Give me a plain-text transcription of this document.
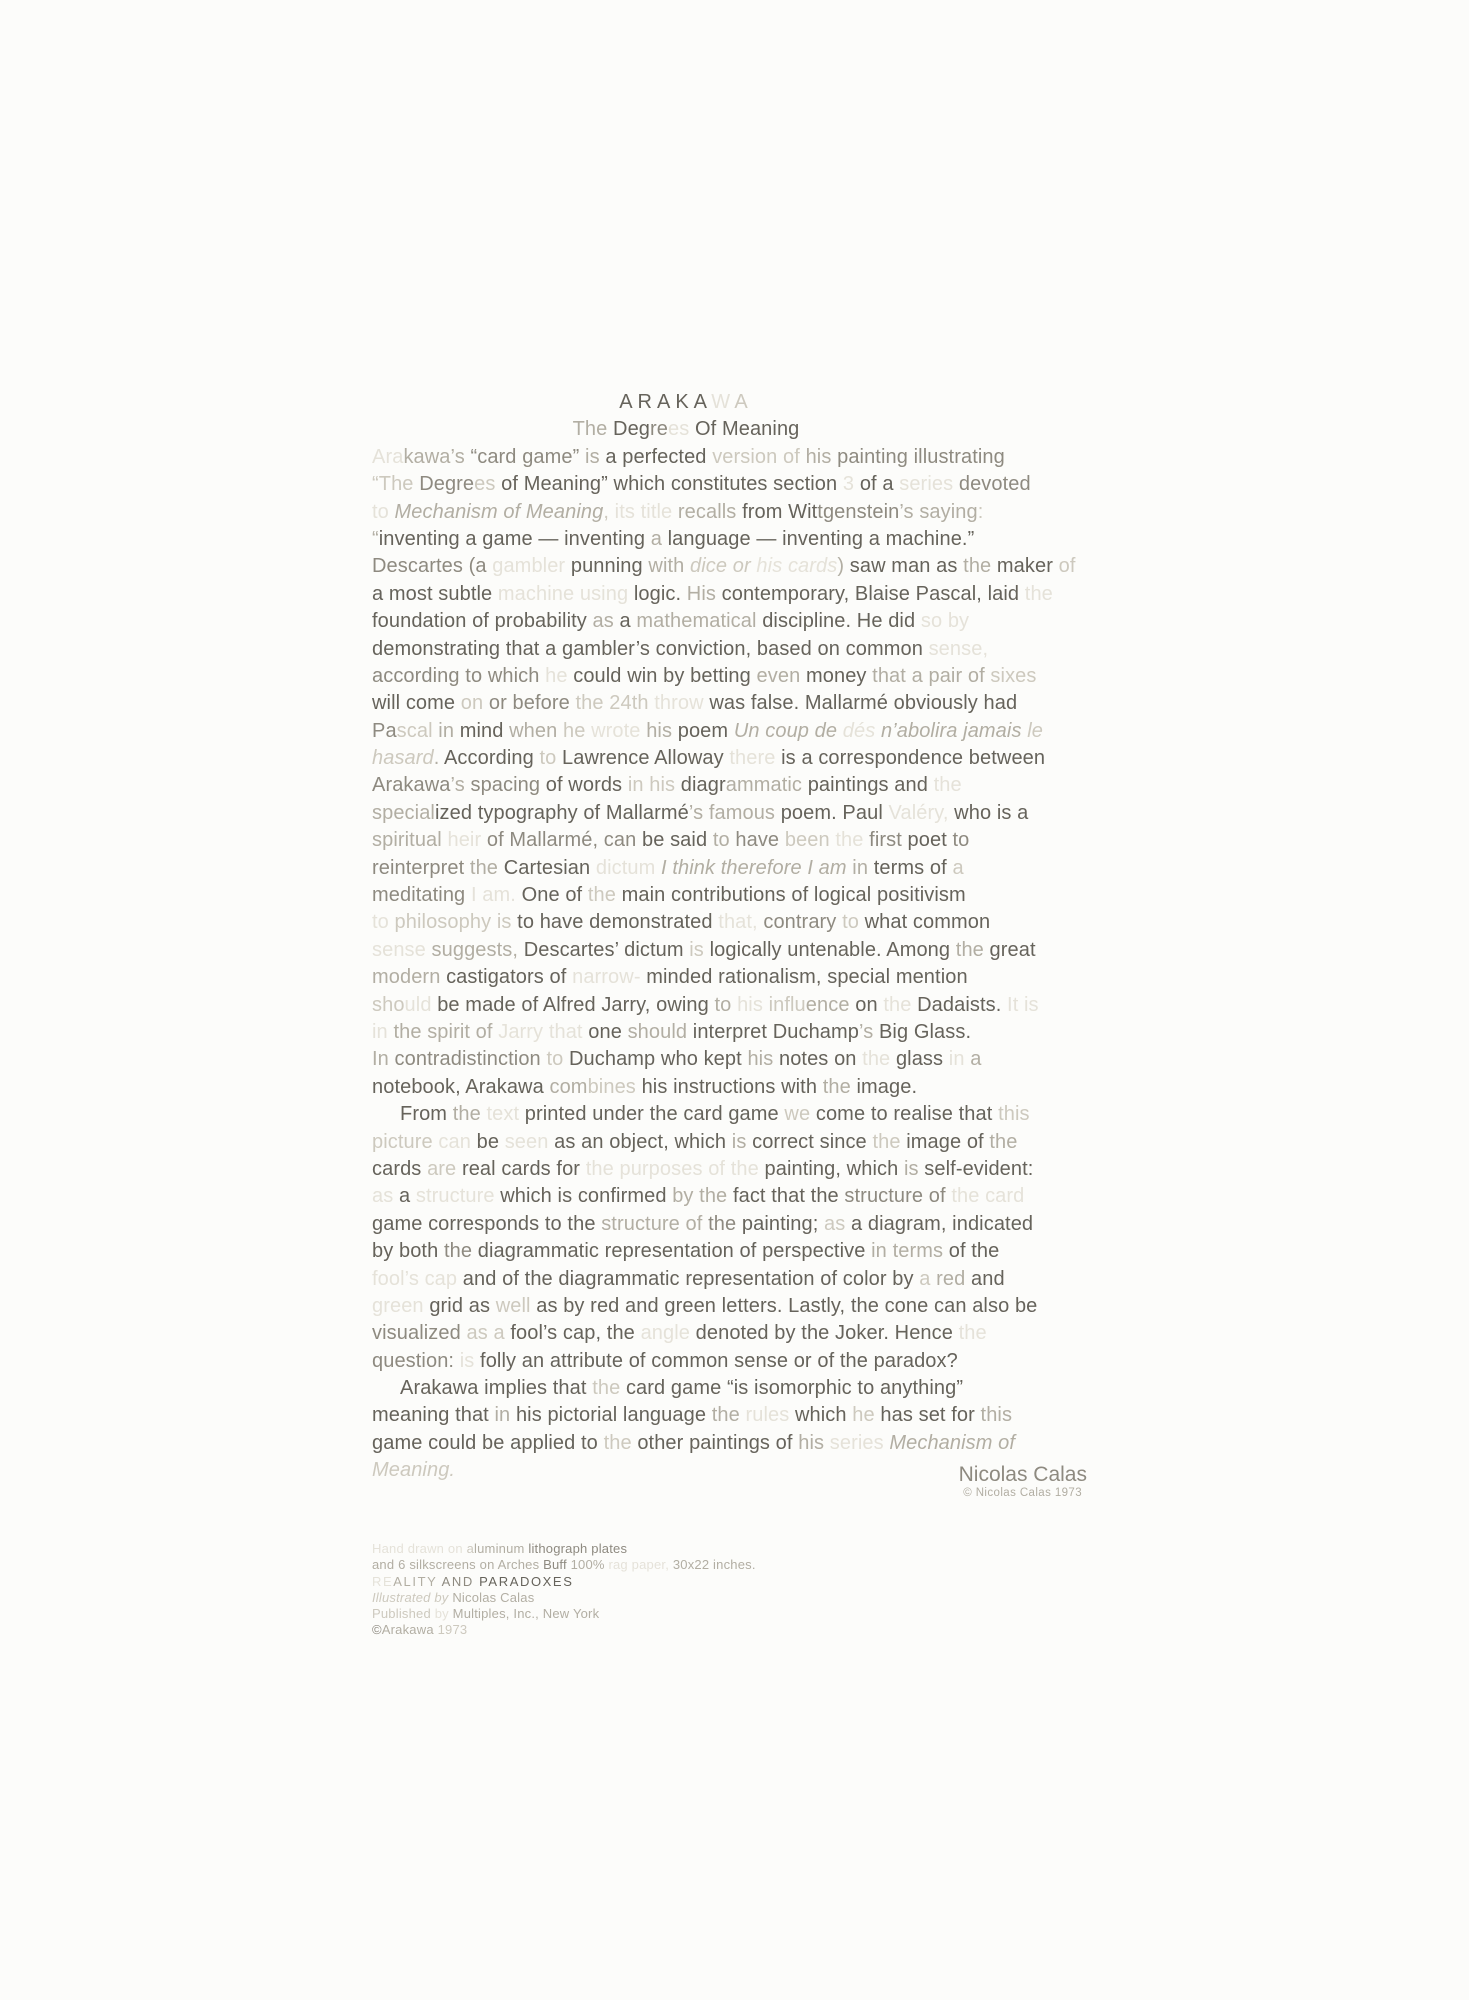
ARAKAWA
The Degrees Of Meaning
Arakawa’s “card game” is a perfected version of his painting illustrating
“The Degrees of Meaning” which constitutes section 3 of a series devoted
to Mechanism of Meaning, its title recalls from Wittgenstein’s saying:
“inventing a game — inventing a language — inventing a machine.”
Descartes (a gambler punning with dice or his cards) saw man as the maker of
a most subtle machine using logic. His contemporary, Blaise Pascal, laid the
foundation of probability as a mathematical discipline. He did so by
demonstrating that a gambler’s conviction, based on common sense,
according to which he could win by betting even money that a pair of sixes
will come on or before the 24th throw was false. Mallarmé obviously had
Pascal in mind when he wrote his poem Un coup de dés n’abolira jamais le
hasard. According to Lawrence Alloway there is a correspondence between
Arakawa’s spacing of words in his diagrammatic paintings and the
specialized typography of Mallarmé’s famous poem. Paul Valéry, who is a
spiritual heir of Mallarmé, can be said to have been the first poet to
reinterpret the Cartesian dictum I think therefore I am in terms of a
meditating I am. One of the main contributions of logical positivism
to philosophy is to have demonstrated that, contrary to what common
sense suggests, Descartes’ dictum is logically untenable. Among the great
modern castigators of narrow- minded rationalism, special mention
should be made of Alfred Jarry, owing to his influence on the Dadaists. It is
in the spirit of Jarry that one should interpret Duchamp’s Big Glass.
In contradistinction to Duchamp who kept his notes on the glass in a
notebook, Arakawa combines his instructions with the image.
From the text printed under the card game we come to realise that this
picture can be seen as an object, which is correct since the image of the
cards are real cards for the purposes of the painting, which is self-evident:
as a structure which is confirmed by the fact that the structure of the card
game corresponds to the structure of the painting; as a diagram, indicated
by both the diagrammatic representation of perspective in terms of the
fool’s cap and of the diagrammatic representation of color by a red and
green grid as well as by red and green letters. Lastly, the cone can also be
visualized as a fool’s cap, the angle denoted by the Joker. Hence the
question: is folly an attribute of common sense or of the paradox?
Arakawa implies that the card game “is isomorphic to anything”
meaning that in his pictorial language the rules which he has set for this
game could be applied to the other paintings of his series Mechanism of
Meaning.	Nicolas Calas
© Nicolas Calas 1973
Hand drawn on aluminum lithograph plates
and 6 silkscreens on Arches Buff 100% rag paper, 30x22 inches.
REALITY AND PARADOXES
Illustrated by Nicolas Calas
Published by Multiples, Inc., New York
©Arakawa 1973
